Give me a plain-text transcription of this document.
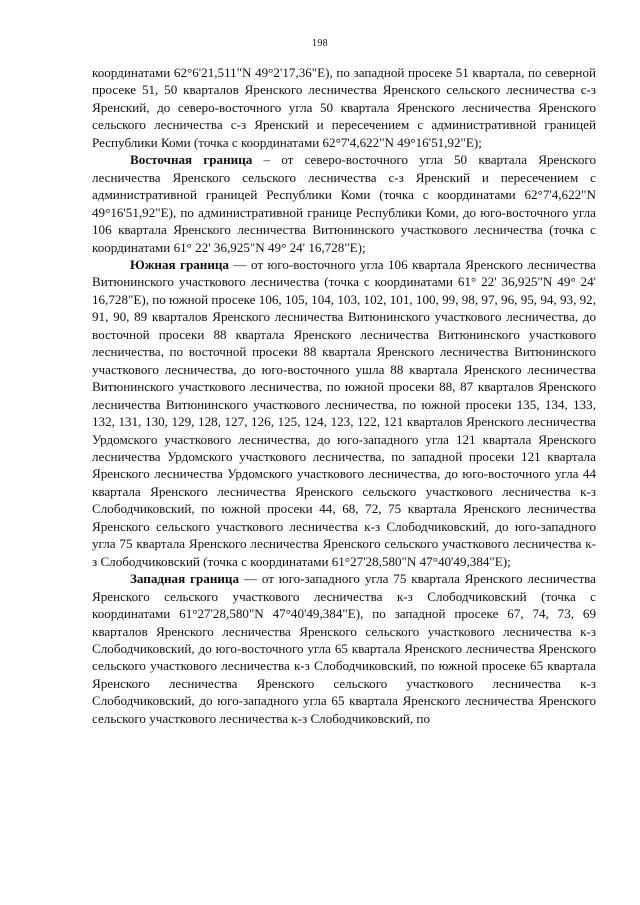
198

координатами 62°6'21,511"N 49°2'17,36"E), по западной просеке 51 квартала, по северной просеке 51, 50 кварталов Яренского лесничества Яренского сельского лесничества с-з Яренский, до северо-восточного угла 50 квартала Яренского лесничества Яренского сельского лесничества с-з Яренский и пересечением с административной границей Республики Коми (точка с координатами 62°7'4,622"N 49°16'51,92"E);

Восточная граница – от северо-восточного угла 50 квартала Яренского лесничества Яренского сельского лесничества с-з Яренский и пересечением с административной границей Республики Коми (точка с координатами 62°7'4,622"N 49°16'51,92"E), по административной границе Республики Коми, до юго-восточного угла 106 квартала Яренского лесничества Витюнинского участкового лесничества (точка с координатами 61° 22' 36,925"N 49° 24' 16,728"E);

Южная граница — от юго-восточного угла 106 квартала Яренского лесничества Витюнинского участкового лесничества (точка с координатами 61° 22' 36,925"N 49° 24' 16,728"E), по южной просеке 106, 105, 104, 103, 102, 101, 100, 99, 98, 97, 96, 95, 94, 93, 92, 91, 90, 89 кварталов Яренского лесничества Витюнинского участкового лесничества, до восточной просеки 88 квартала Яренского лесничества Витюнинского участкового лесничества, по восточной просеки 88 квартала Яренского лесничества Витюнинского участкового лесничества, до юго-восточного ушла 88 квартала Яренского лесничества Витюнинского участкового лесничества, по южной просеки 88, 87 кварталов Яренского лесничества Витюнинского участкового лесничества, по южной просеки 135, 134, 133, 132, 131, 130, 129, 128, 127, 126, 125, 124, 123, 122, 121 кварталов Яренского лесничества Урдомского участкового лесничества, до юго-западного угла 121 квартала Яренского лесничества Урдомского участкового лесничества, по западной просеки 121 квартала Яренского лесничества Урдомского участкового лесничества, до юго-восточного угла 44 квартала Яренского лесничества Яренского сельского участкового лесничества к-з Слободчиковский, по южной просеки 44, 68, 72, 75 квартала Яренского лесничества Яренского сельского участкового лесничества к-з Слободчиковский, до юго-западного угла 75 квартала Яренского лесничества Яренского сельского участкового лесничества к-з Слободчиковский (точка с координатами 61°27'28,580"N 47°40'49,384"E);

Западная граница — от юго-западного угла 75 квартала Яренского лесничества Яренского сельского участкового лесничества к-з Слободчиковский (точка с координатами 61°27'28,580"N 47°40'49,384"E), по западной просеке 67, 74, 73, 69 кварталов Яренского лесничества Яренского сельского участкового лесничества к-з Слободчиковский, до юго-восточного угла 65 квартала Яренского лесничества Яренского сельского участкового лесничества к-з Слободчиковский, по южной просеке 65 квартала Яренского лесничества Яренского сельского участкового лесничества к-з Слободчиковский, до юго-западного угла 65 квартала Яренского лесничества Яренского сельского участкового лесничества к-з Слободчиковский, по
